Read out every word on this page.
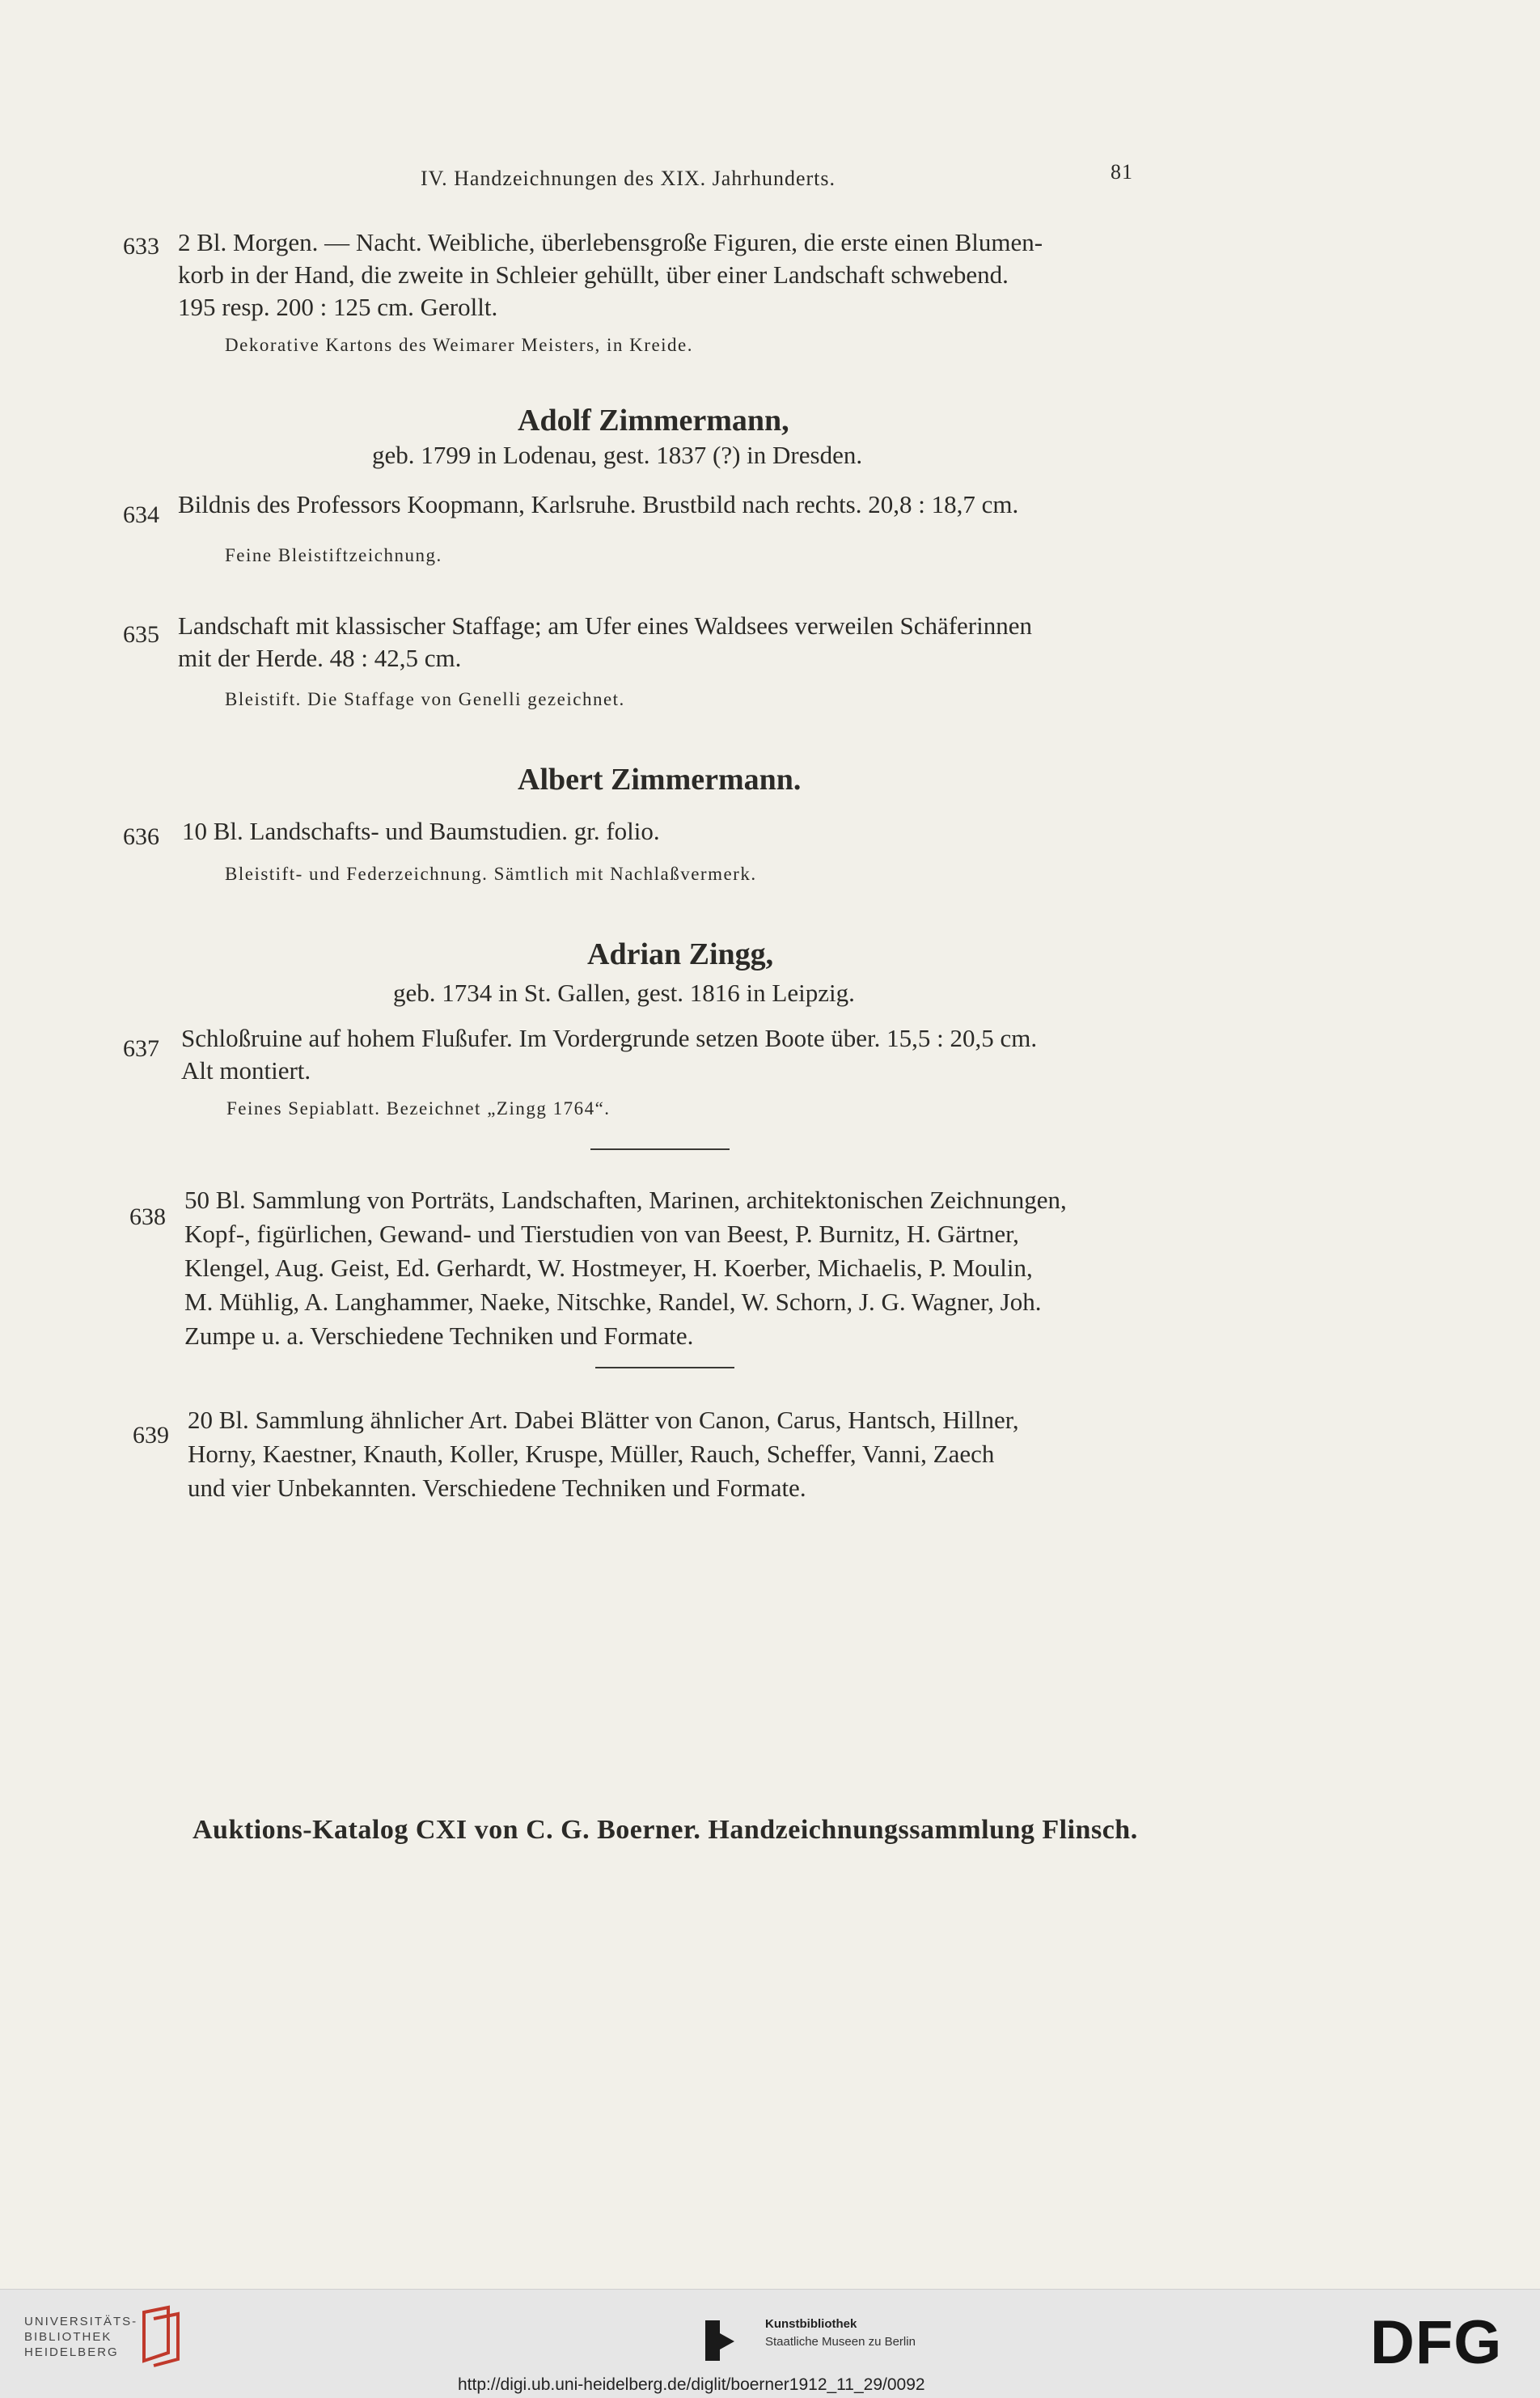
IV. Handzeichnungen des XIX. Jahrhunderts.	81
633 2 Bl. Morgen. — Nacht. Weibliche, überlebensgroße Figuren, die erste einen Blumen-
korb in der Hand, die zweite in Schleier gehüllt, über einer Landschaft schwebend.
195 resp. 200 : 125 cm. Gerollt.
Dekorative Kartons des Weimarer Meisters, in Kreide.
Adolf Zimmermann,
geb. 1799 in Lodenau, gest. 1837 (?) in Dresden.
634 Bildnis des Professors Koopmann, Karlsruhe. Brustbild nach rechts. 20,8 : 18,7 cm.
Feine Bleistiftzeichnung.
635 Landschaft mit klassischer Staffage; am Ufer eines Waldsees verweilen Schäferinnen
mit der Herde. 48 : 42,5 cm.
Bleistift. Die Staffage von Genelli gezeichnet.
Albert Zimmermann.
636 10 Bl. Landschafts- und Baumstudien. gr. folio.
Bleistift- und Federzeichnung. Sämtlich mit Nachlaßvermerk.
Adrian Zingg,
geb. 1734 in St. Gallen, gest. 1816 in Leipzig.
637 Schloßruine auf hohem Flußufer. Im Vordergrunde setzen Boote über. 15,5 : 20,5 cm.
Alt montiert.
Feines Sepiablatt. Bezeichnet „Zingg 1764“.
638
50 Bl. Sammlung von Porträts, Landschaften, Marinen, architektonischen Zeichnungen,
Kopf-, figürlichen, Gewand- und Tierstudien von van Beest, P. Burnitz, H. Gärtner,
Klengel, Aug. Geist, Ed. Gerhardt, W. Hostmeyer, H. Koerber, Michaelis, P. Moulin,
M. Mühlig, A. Langhammer, Naeke, Nitschke, Randel, W. Schorn, J. G. Wagner, Joh.
Zumpe u. a. Verschiedene Techniken und Formate.
639
20 Bl. Sammlung ähnlicher Art. Dabei Blätter von Canon, Carus, Hantsch, Hillner,
Horny, Kaestner, Knauth, Koller, Kruspe, Müller, Rauch, Scheffer, Vanni, Zaech
und vier Unbekannten. Verschiedene Techniken und Formate.
Auktions-Katalog CXI von C. G. Boerner. Handzeichnungssammlung Flinsch.
UNIVERSITÄTS-
BIBLIOTHEK
HEIDELBERG
Kunstbibliothek
Staatliche Museen zu Berlin	DFG
http://digi.ub.uni-heidelberg.de/diglit/boerner1912_11_29/0092
